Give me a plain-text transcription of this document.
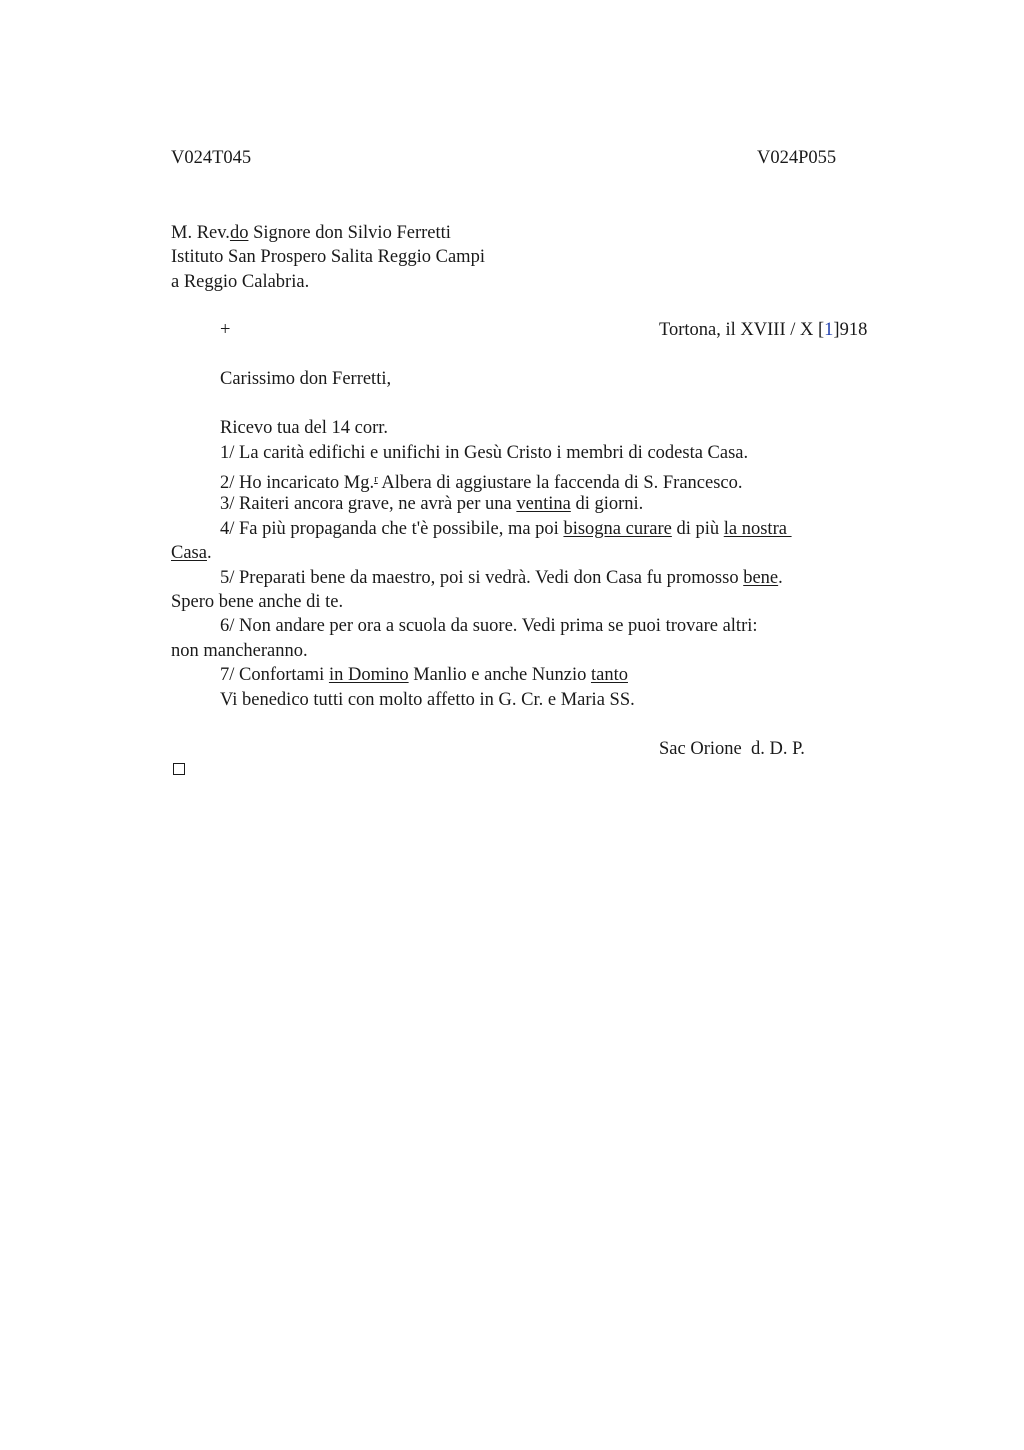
V024T045	V024P055
M. Rev.do Signore don Silvio Ferretti
Istituto San Prospero Salita Reggio Campi
a Reggio Calabria.
+	Tortona, il XVIII / X [1]918
Carissimo don Ferretti,
Ricevo tua del 14 corr.
1/ La carità edifichi e unifichi in Gesù Cristo i membri di codesta Casa.
2/ Ho incaricato Mg.$^r$ Albera di aggiustare la faccenda di S. Francesco.
3/ Raiteri ancora grave, ne avrà per una ventina di giorni.
4/ Fa più propaganda che t'è possibile, ma poi bisogna curare di più la nostra
Casa.
5/ Preparati bene da maestro, poi si vedrà. Vedi don Casa fu promosso bene.
Spero bene anche di te.
6/ Non andare per ora a scuola da suore. Vedi prima se puoi trovare altri:
non mancheranno.
7/ Confortami in Domino Manlio e anche Nunzio tanto
Vi benedico tutti con molto affetto in G. Cr. e Maria SS.
Sac Orione  d. D. P.
